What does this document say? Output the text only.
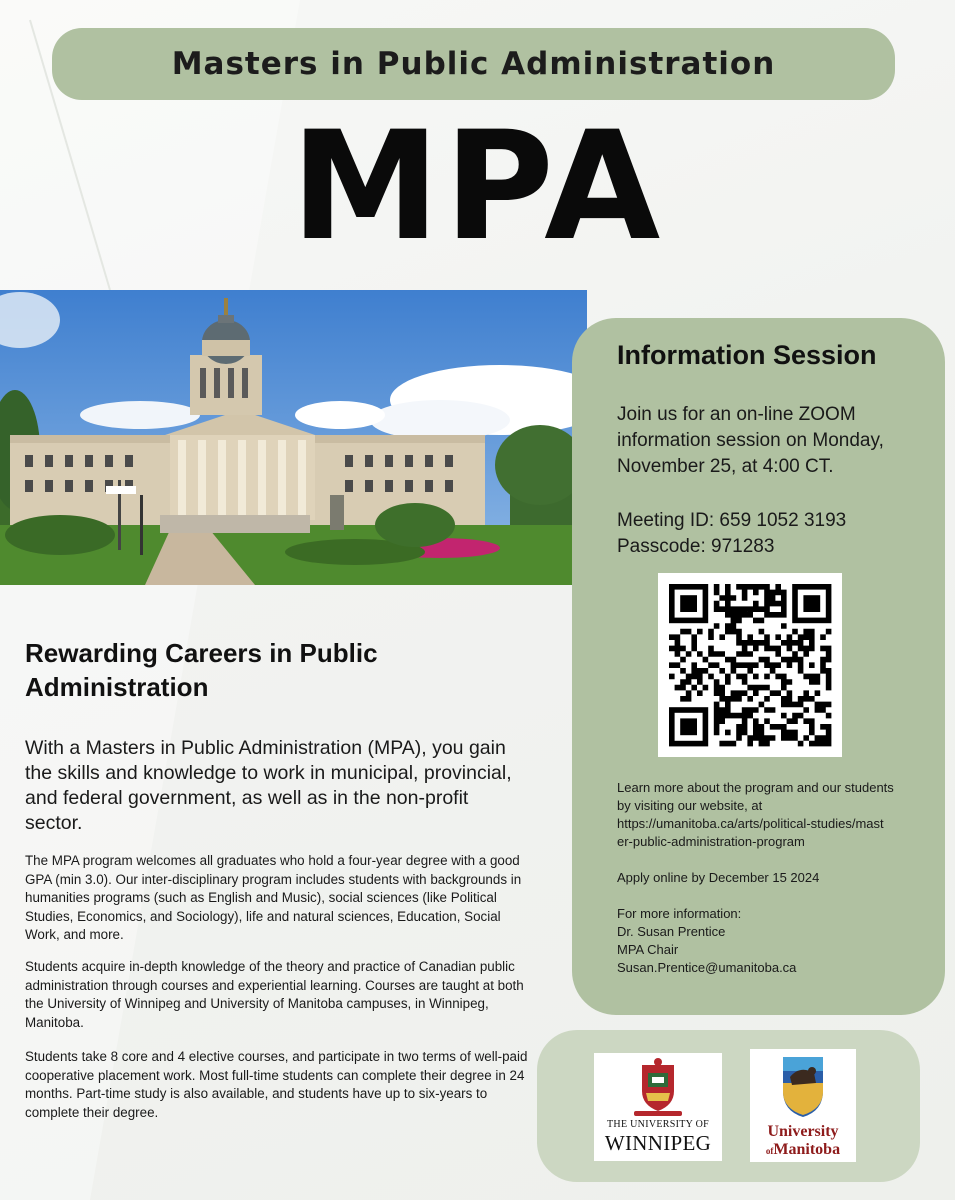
Masters in Public Administration
MPA
Information Session
Join us for an on-line ZOOM information session on Monday, November 25, at 4:00 CT.
Meeting ID: 659 1052 3193
Passcode: 971283
Learn more about the program and our students
by visiting our website, at
https://umanitoba.ca/arts/political-studies/mast
er-public-administration-program
Apply online by December 15 2024
For more information:
Dr. Susan Prentice
MPA Chair
Susan.Prentice@umanitoba.ca
THE UNIVERSITY OF
WINNIPEG	University
ofManitoba
Rewarding Careers in Public Administration
With a Masters in Public Administration (MPA), you gain the skills and knowledge to work in municipal, provincial, and federal government, as well as in the non-profit sector.
The MPA program welcomes all graduates who hold a four-year degree with a good GPA (min 3.0). Our inter-disciplinary program includes students with backgrounds in humanities programs (such as English and Music), social sciences (like Political Studies, Economics, and Sociology), life and natural sciences, Education, Social Work, and more.
Students acquire in-depth knowledge of the theory and practice of Canadian public administration through courses and experiential learning. Courses are taught at both the University of Winnipeg and University of Manitoba campuses, in Winnipeg, Manitoba.
Students take 8 core and 4 elective courses, and participate in two terms of well-paid cooperative placement work. Most full-time students can complete their degree in 24 months. Part-time study is also available, and students have up to six-years to complete their degree.
